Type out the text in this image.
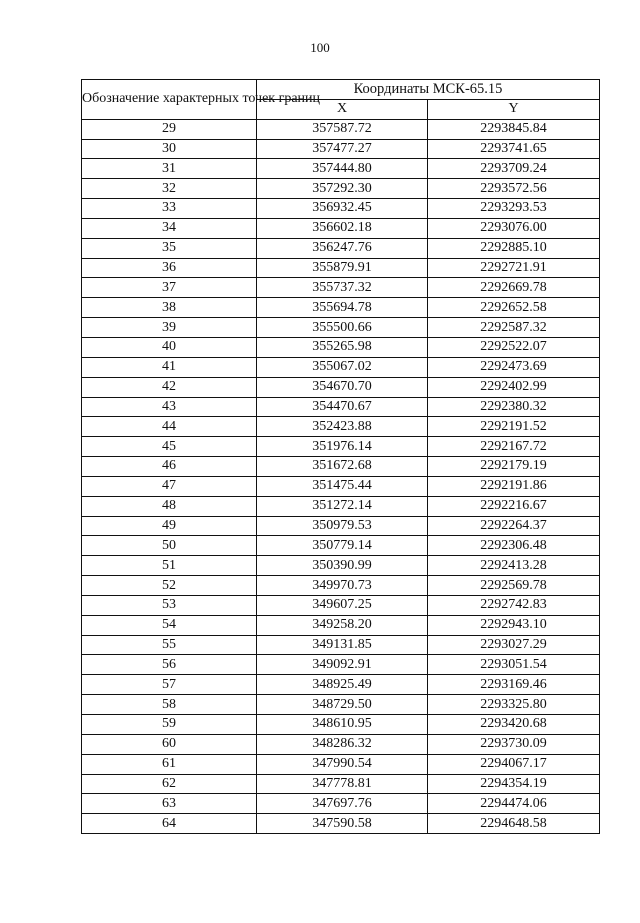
100
Обозначение характерных точек границ	Координаты МСК-65.15	
	X	Y
29	357587.72	2293845.84
30	357477.27	2293741.65
31	357444.80	2293709.24
32	357292.30	2293572.56
33	356932.45	2293293.53
34	356602.18	2293076.00
35	356247.76	2292885.10
36	355879.91	2292721.91
37	355737.32	2292669.78
38	355694.78	2292652.58
39	355500.66	2292587.32
40	355265.98	2292522.07
41	355067.02	2292473.69
42	354670.70	2292402.99
43	354470.67	2292380.32
44	352423.88	2292191.52
45	351976.14	2292167.72
46	351672.68	2292179.19
47	351475.44	2292191.86
48	351272.14	2292216.67
49	350979.53	2292264.37
50	350779.14	2292306.48
51	350390.99	2292413.28
52	349970.73	2292569.78
53	349607.25	2292742.83
54	349258.20	2292943.10
55	349131.85	2293027.29
56	349092.91	2293051.54
57	348925.49	2293169.46
58	348729.50	2293325.80
59	348610.95	2293420.68
60	348286.32	2293730.09
61	347990.54	2294067.17
62	347778.81	2294354.19
63	347697.76	2294474.06
64	347590.58	2294648.58
